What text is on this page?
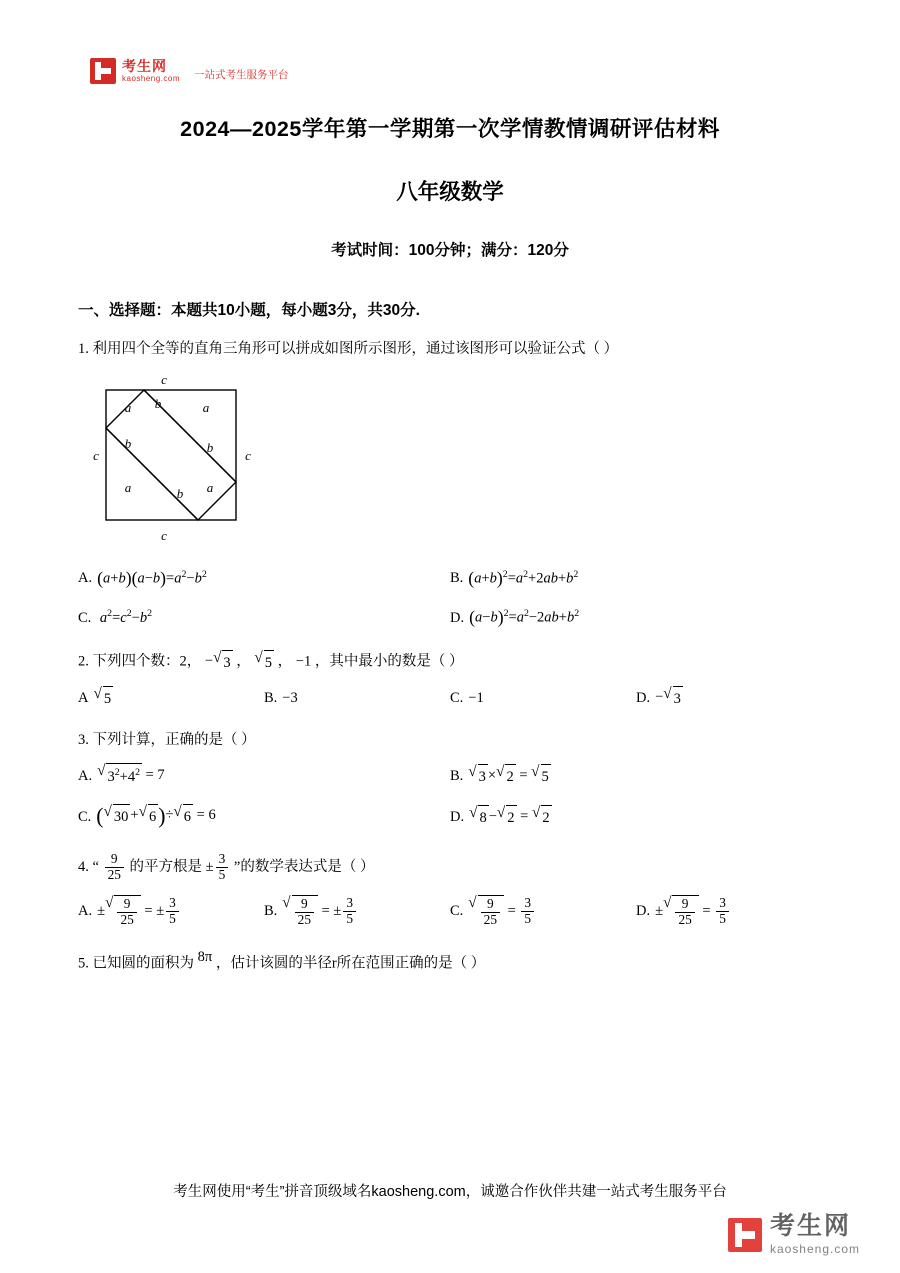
考生网
kaosheng.com 一站式考生服务平台
2024—2025学年第一学期第一次学情教情调研评估材料
八年级数学

考试时间：100分钟；满分：120分

一、选择题：本题共10小题，每小题3分，共30分.

1. 利用四个全等的直角三角形可以拼成如图所示图形，通过该图形可以验证公式（ ）
c
c	c
c
a b	a
b	b
a	b a
A. $(a+b)(a-b)=a^2-b^2$	B. $(a+b)^2=a^2+2ab+b^2$
C. $a^2=c^2-b^2$	D. $(a-b)^2=a^2-2ab+b^2$
2. 下列四个数：2， − √ 3 ， √ 5 ， −1 ，其中最小的数是（ ）
A √ 5	B. −3	C. −1	D. − √ 3
3. 下列计算，正确的是（ ）
A. √ $3^2+4^2 = 7$	B. √ 3 × √ 2 = √ 5
C. ( √ 30 + √ 6 )÷ √ 6 = 6	D. √ 8 − √ 2 = √ 2
4. “ $\frac{9}{25}$ 的平方根是 ± $\frac{3}{5}$ ”的数学表达式是（ ）
A. ± √ $\frac{9}{25}$ = ± $\frac{3}{5}$	B.
√ $\frac{9}{25}$ = ± $\frac{3}{5}$	C.
√ $\frac{9}{25} = \frac{3}{5}$	D. ± √ $\frac{9}{25} = \frac{3}{5}$
5. 已知圆的面积为 8π ，估计该圆的半径r所在范围正确的是（ ）
考生网使用“考生”拼音顶级域名kaosheng.com，诚邀合作伙伴共建一站式考生服务平台
考生网
kaosheng.com
